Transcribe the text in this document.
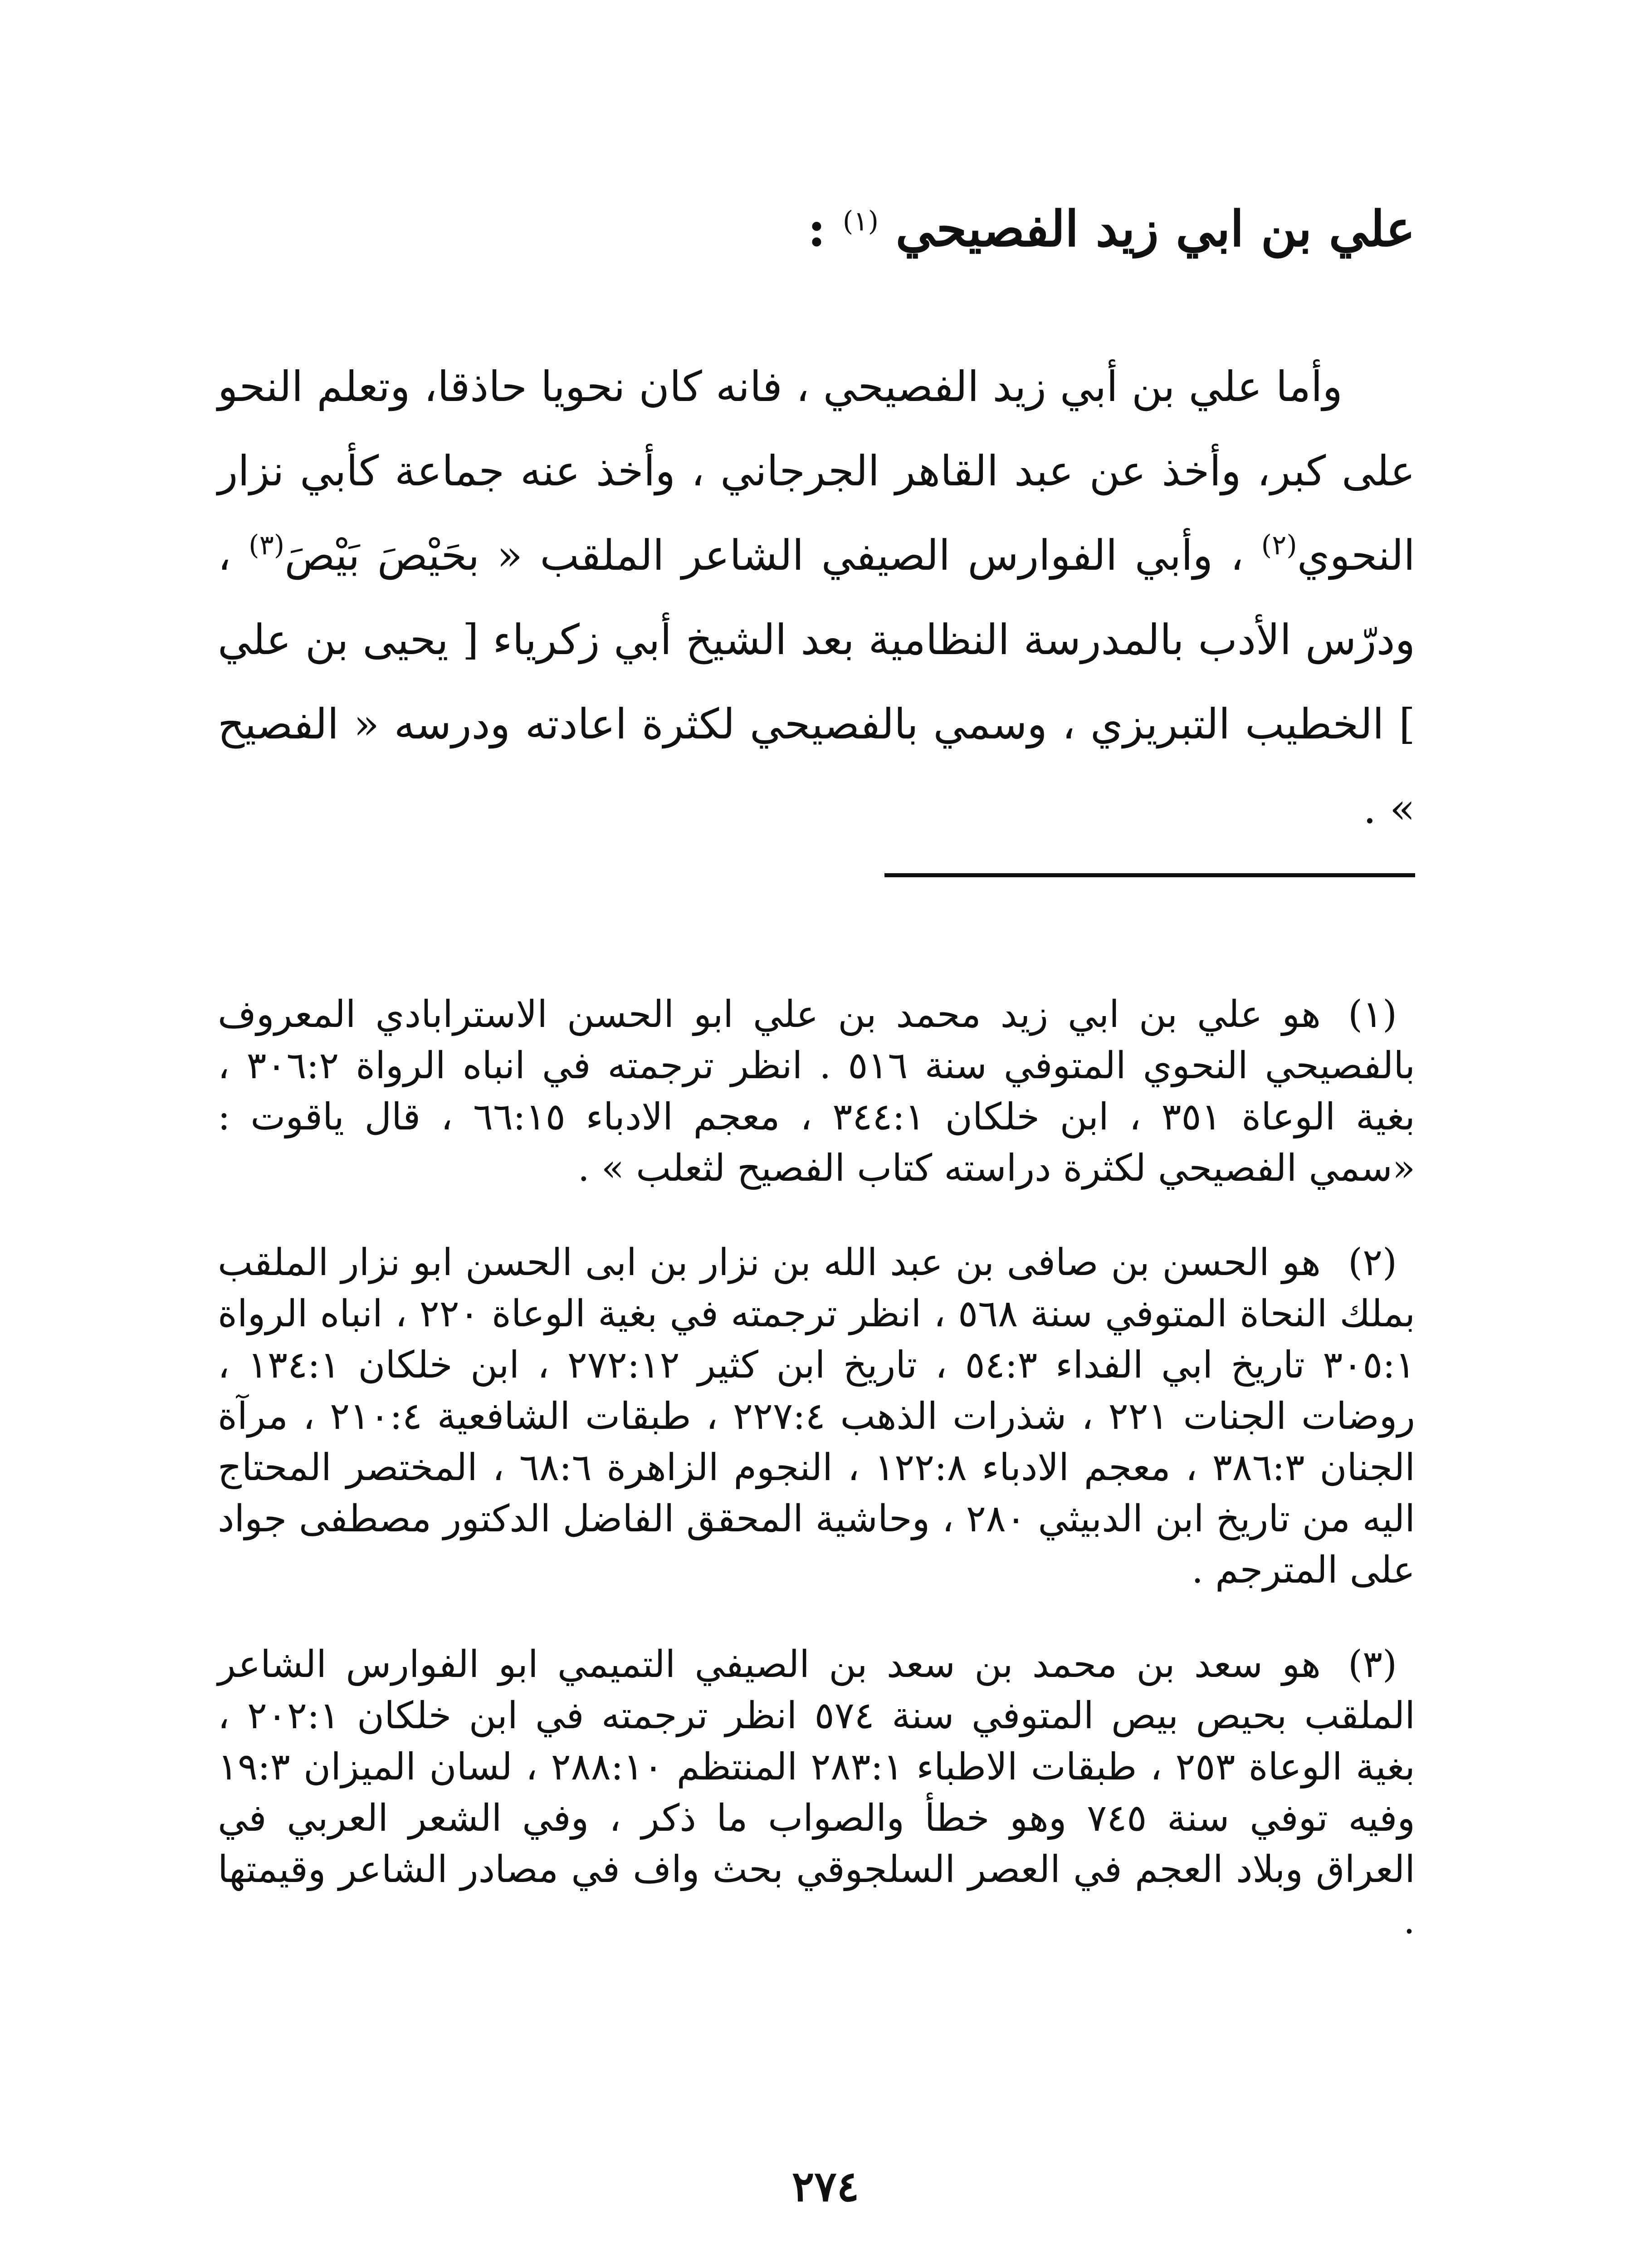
علي بن ابي زيد الفصيحي $^{(١)}$ :

وأما علي بن أبي زيد الفصيحي ، فانه كان نحويا حاذقا، وتعلم النحو على كبر، وأخذ عن عبد القاهر الجرجاني ، وأخذ عنه جماعة كأبي نزار النحوي$^{(٢)}$ ، وأبي الفوارس الصيفي الشاعر الملقب « بحَيْصَ بَيْصَ$^{(٣)}$ ، ودرّس الأدب بالمدرسة النظامية بعد الشيخ أبي زكرياء [ يحيى بن علي ] الخطيب التبريزي ، وسمي بالفصيحي لكثرة اعادته ودرسه « الفصيح » .

(١)هو علي بن ابي زيد محمد بن علي ابو الحسن الاسترابادي المعروف بالفصيحي النحوي المتوفي سنة ٥١٦ . انظر ترجمته في انباه الرواة ٣٠٦:٢ ، بغية الوعاة ٣٥١ ، ابن خلكان ٣٤٤:١ ، معجم الادباء ٦٦:١٥ ، قال ياقوت : «سمي الفصيحي لكثرة دراسته كتاب الفصيح لثعلب » .

(٢)هو الحسن بن صافى بن عبد الله بن نزار بن ابى الحسن ابو نزار الملقب بملك النحاة المتوفي سنة ٥٦٨ ، انظر ترجمته في بغية الوعاة ٢٢٠ ، انباه الرواة ٣٠٥:١ تاريخ ابي الفداء ٥٤:٣ ، تاريخ ابن كثير ٢٧٢:١٢ ، ابن خلكان ١٣٤:١ ، روضات الجنات ٢٢١ ، شذرات الذهب ٢٢٧:٤ ، طبقات الشافعية ٢١٠:٤ ، مرآة الجنان ٣٨٦:٣ ، معجم الادباء ١٢٢:٨ ، النجوم الزاهرة ٦٨:٦ ، المختصر المحتاج اليه من تاريخ ابن الدبيثي ٢٨٠ ، وحاشية المحقق الفاضل الدكتور مصطفى جواد على المترجم .

(٣)هو سعد بن محمد بن سعد بن الصيفي التميمي ابو الفوارس الشاعر الملقب بحيص بيص المتوفي سنة ٥٧٤ انظر ترجمته في ابن خلكان ٢٠٢:١ ، بغية الوعاة ٢٥٣ ، طبقات الاطباء ٢٨٣:١ المنتظم ٢٨٨:١٠ ، لسان الميزان ١٩:٣ وفيه توفي سنة ٧٤٥ وهو خطأ والصواب ما ذكر ، وفي الشعر العربي في العراق وبلاد العجم في العصر السلجوقي بحث واف في مصادر الشاعر وقيمتها .

٢٧٤
